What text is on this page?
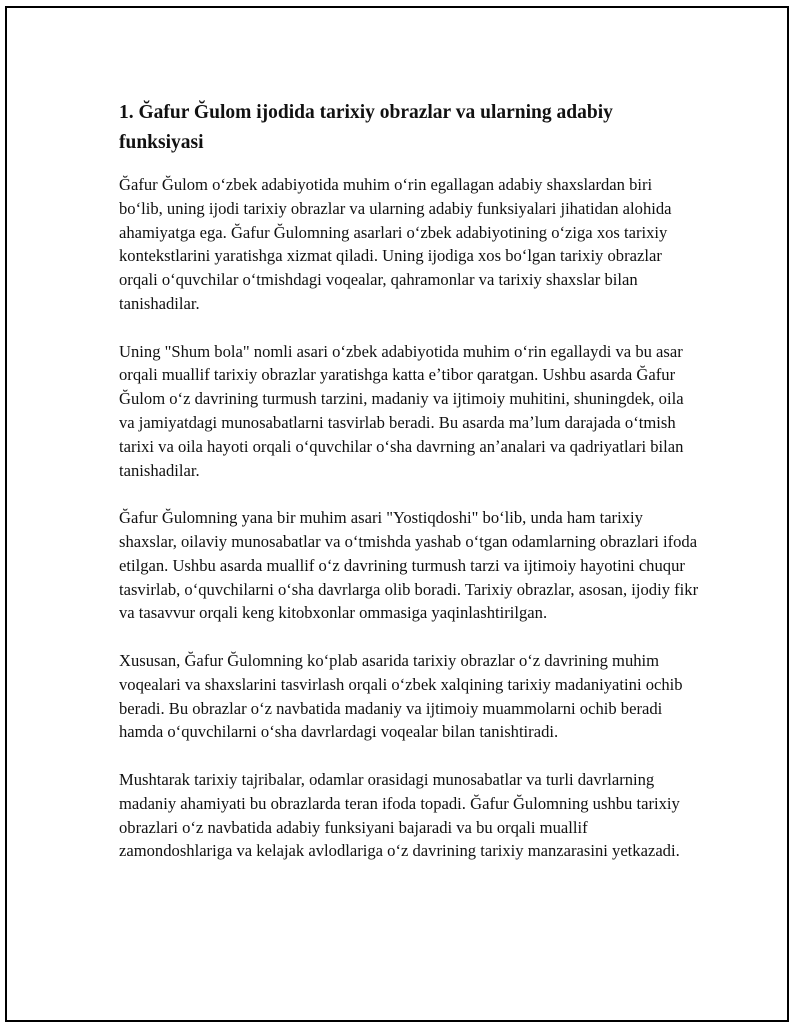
1. Ğafur Ğulom ijodida tarixiy obrazlar va ularning adabiy funksiyasi

Ğafur Ğulom oʻzbek adabiyotida muhim oʻrin egallagan adabiy shaxslardan biri boʻlib, uning ijodi tarixiy obrazlar va ularning adabiy funksiyalari jihatidan alohida ahamiyatga ega. Ğafur Ğulomning asarlari oʻzbek adabiyotining oʻziga xos tarixiy kontekstlarini yaratishga xizmat qiladi. Uning ijodiga xos boʻlgan tarixiy obrazlar orqali oʻquvchilar oʻtmishdagi voqealar, qahramonlar va tarixiy shaxslar bilan tanishadilar.

Uning "Shum bola" nomli asari oʻzbek adabiyotida muhim oʻrin egallaydi va bu asar orqali muallif tarixiy obrazlar yaratishga katta eʼtibor qaratgan. Ushbu asarda Ğafur Ğulom oʻz davrining turmush tarzini, madaniy va ijtimoiy muhitini, shuningdek, oila va jamiyatdagi munosabatlarni tasvirlab beradi. Bu asarda maʼlum darajada oʻtmish tarixi va oila hayoti orqali oʻquvchilar oʻsha davrning anʼanalari va qadriyatlari bilan tanishadilar.

Ğafur Ğulomning yana bir muhim asari "Yostiqdoshi" boʻlib, unda ham tarixiy shaxslar, oilaviy munosabatlar va oʻtmishda yashab oʻtgan odamlarning obrazlari ifoda etilgan. Ushbu asarda muallif oʻz davrining turmush tarzi va ijtimoiy hayotini chuqur tasvirlab, oʻquvchilarni oʻsha davrlarga olib boradi. Tarixiy obrazlar, asosan, ijodiy fikr va tasavvur orqali keng kitobxonlar ommasiga yaqinlashtirilgan.

Xususan, Ğafur Ğulomning koʻplab asarida tarixiy obrazlar oʻz davrining muhim voqealari va shaxslarini tasvirlash orqali oʻzbek xalqining tarixiy madaniyatini ochib beradi. Bu obrazlar oʻz navbatida madaniy va ijtimoiy muammolarni ochib beradi hamda oʻquvchilarni oʻsha davrlardagi voqealar bilan tanishtiradi.

Mushtarak tarixiy tajribalar, odamlar orasidagi munosabatlar va turli davrlarning madaniy ahamiyati bu obrazlarda teran ifoda topadi. Ğafur Ğulomning ushbu tarixiy obrazlari oʻz navbatida adabiy funksiyani bajaradi va bu orqali muallif zamondoshlariga va kelajak avlodlariga oʻz davrining tarixiy manzarasini yetkazadi.
